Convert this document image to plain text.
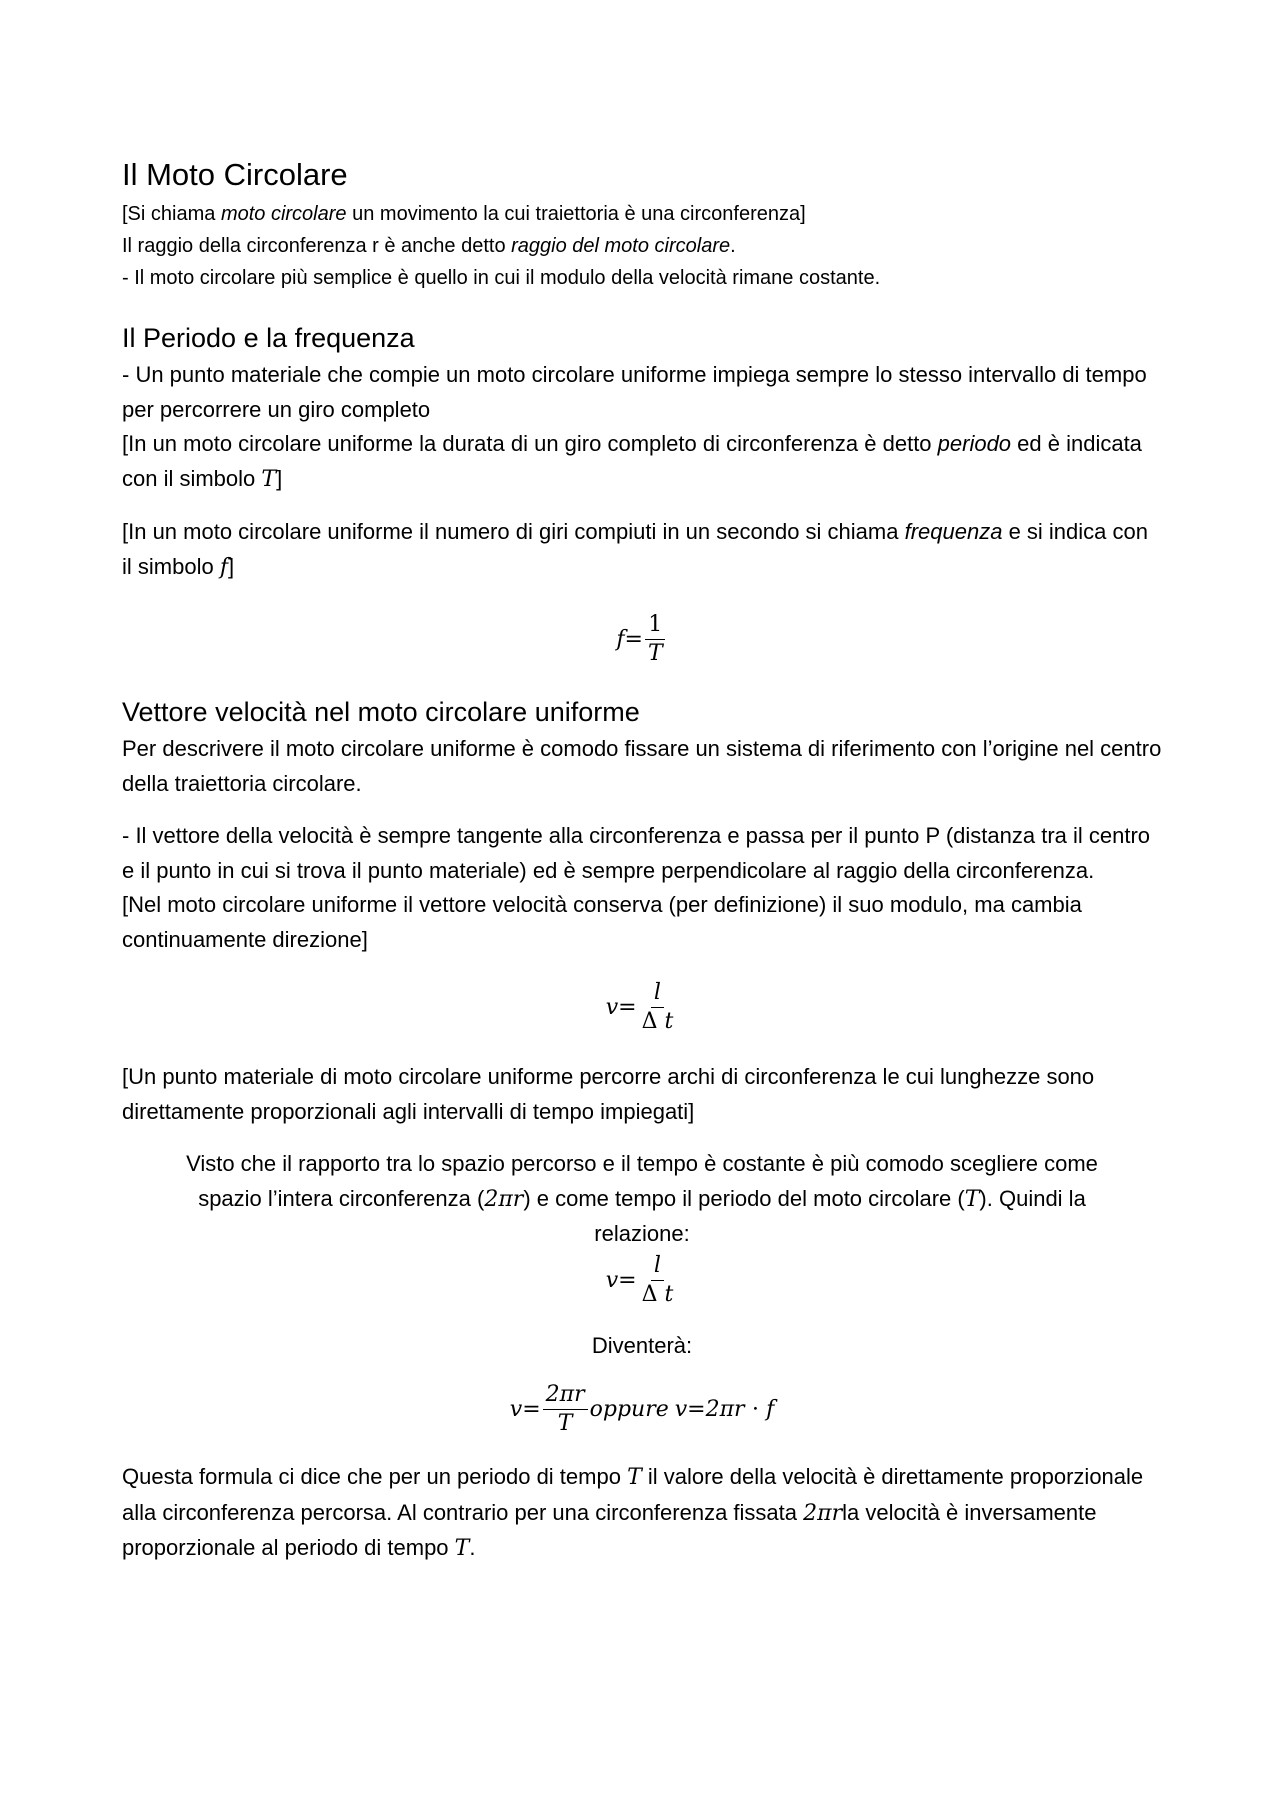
Il Moto Circolare

[Si chiama moto circolare un movimento la cui traiettoria è una circonferenza]

Il raggio della circonferenza r è anche detto raggio del moto circolare.

- Il moto circolare più semplice è quello in cui il modulo della velocità rimane costante.

Il Periodo e la frequenza

- Un punto materiale che compie un moto circolare uniforme impiega sempre lo stesso intervallo di tempo per percorrere un giro completo

[In un moto circolare uniforme la durata di un giro completo di circonferenza è detto periodo ed è indicata con il simbolo T]

[In un moto circolare uniforme il numero di giri compiuti in un secondo si chiama frequenza e si indica con il simbolo f]

$f = \frac{1}{T}$
Vettore velocità nel moto circolare uniforme

Per descrivere il moto circolare uniforme è comodo fissare un sistema di riferimento con l’origine nel centro della traiettoria circolare.

- Il vettore della velocità è sempre tangente alla circonferenza e passa per il punto P (distanza tra il centro e il punto in cui si trova il punto materiale) ed è sempre perpendicolare al raggio della circonferenza.

[Nel moto circolare uniforme il vettore velocità conserva (per definizione) il suo modulo, ma cambia continuamente direzione]

$v = \frac{l}{\text{Δ t}}$

[Un punto materiale di moto circolare uniforme percorre archi di circonferenza le cui lunghezze sono direttamente proporzionali agli intervalli di tempo impiegati]

Visto che il rapporto tra lo spazio percorso e il tempo è costante è più comodo scegliere come

spazio l’intera circonferenza (2πr) e come tempo il periodo del moto circolare (T). Quindi la

relazione:

$v = \frac{l}{\text{Δ t}}$

Diventerà:

$v = \frac{2\pi r}{T}$ oppure v=2πr ⋅ f

Questa formula ci dice che per un periodo di tempo T il valore della velocità è direttamente proporzionale alla circonferenza percorsa. Al contrario per una circonferenza fissata 2πrla velocità è inversamente proporzionale al periodo di tempo T.
